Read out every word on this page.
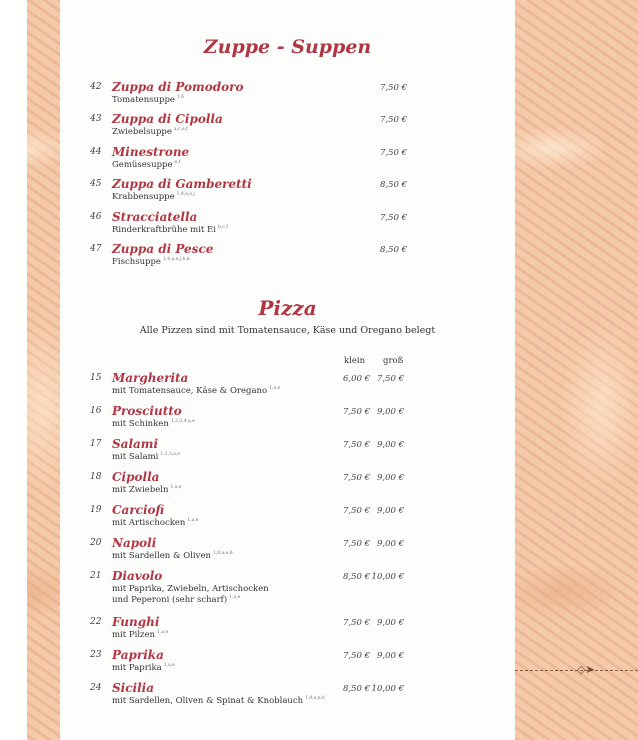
Zuppe - Suppen
42 Zuppa di Pomodoro
Tomatensuppe $^{1,6}$
7,50 €
43 Zuppa di Cipolla
Zwiebelsuppe $^{a,c,e,f}$
7,50 €
44 Minestrone
Gemüsesuppe $^{e,f}$
7,50 €
45 Zuppa di Gamberetti
Krabbensuppe $^{1,4,a,e,j}$
8,50 €
46 Stracciatella
Rinderkraftbrühe mit Ei $^{b,c,f}$
7,50 €
47 Zuppa di Pesce
Fischsuppe $^{1,4,a,e,j,h,k}$
8,50 €
Pizza
Alle Pizzen sind mit Tomatensauce, Käse und Oregano belegt
klein groß
15 Margherita
mit Tomatensauce, Käse & Oregano $^{1,a,e}$
6,00 € 7,50 €
16 Prosciutto
mit Schinken $^{1,2,3,4,a,e}$
7,50 € 9,00 €
17 Salami
mit Salami $^{1,2,3,a,e}$
7,50 € 9,00 €
18 Cipolla
mit Zwiebeln $^{1,a,e}$
7,50 € 9,00 €
19 Carciofi
mit Artischocken $^{1,a,e}$
7,50 € 9,00 €
20 Napoli
mit Sardellen & Oliven $^{1,9,a,e,h}$
7,50 € 9,00 €
21 Diavolo
mit Paprika, Zwiebeln, Artischocken
und Peperoni (sehr scharf) $^{1,a,e}$
8,50 € 10,00 €
22 Funghi
mit Pilzen $^{1,a,e}$
7,50 € 9,00 €
23 Paprika
mit Paprika $^{1,a,e}$
7,50 € 9,00 €
24 Sicilia
mit Sardellen, Oliven & Spinat & Knoblauch $^{1,9,a,e,h}$
8,50 € 10,00 €
◇➤
